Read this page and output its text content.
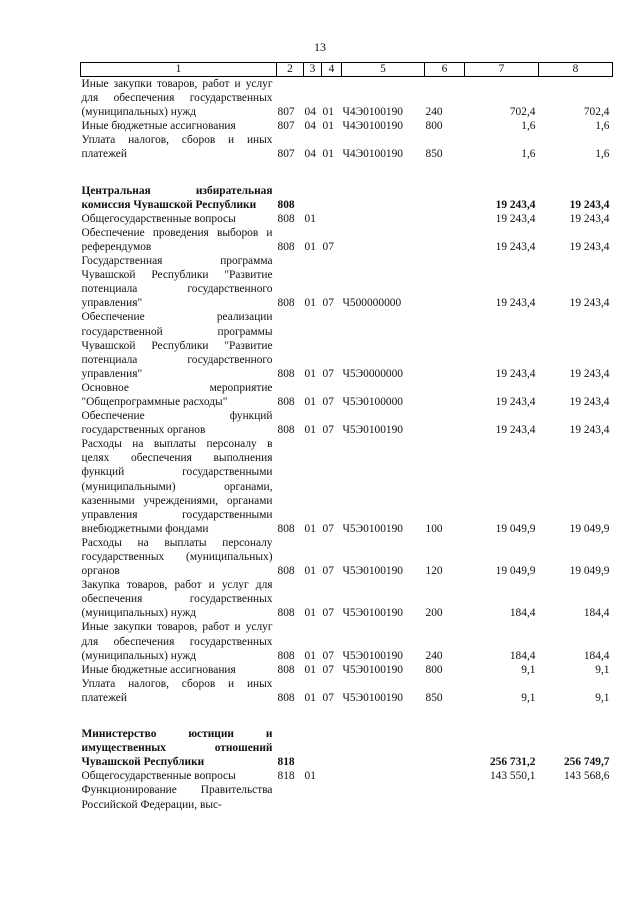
13
1	2	3	4	5	6	7	8
Иные закупки товаров, работ и услуг для обеспечения государственных (муниципальных) нужд	807	04	01	Ч4Э0100190	240	702,4	702,4
Иные бюджетные ассигнования	807	04	01	Ч4Э0100190	800	1,6	1,6
Уплата налогов, сборов и иных платежей	807	04	01	Ч4Э0100190	850	1,6	1,6

Центральная избирательная комиссия Чувашской Республики	808					19 243,4	19 243,4
Общегосударственные вопросы	808	01				19 243,4	19 243,4
Обеспечение проведения выборов и референдумов	808	01	07			19 243,4	19 243,4
Государственная программа Чувашской Республики "Развитие потенциала государственного управления"	808	01	07	Ч500000000		19 243,4	19 243,4
Обеспечение реализации государственной программы Чувашской Республики "Развитие потенциала государственного управления"	808	01	07	Ч5Э0000000		19 243,4	19 243,4
Основное мероприятие "Общепрограммные расходы"	808	01	07	Ч5Э0100000		19 243,4	19 243,4
Обеспечение функций государственных органов	808	01	07	Ч5Э0100190		19 243,4	19 243,4
Расходы на выплаты персоналу в целях обеспечения выполнения функций государственными (муниципальными) органами, казенными учреждениями, органами управления государственными внебюджетными фондами	808	01	07	Ч5Э0100190	100	19 049,9	19 049,9
Расходы на выплаты персоналу государственных (муниципальных) органов	808	01	07	Ч5Э0100190	120	19 049,9	19 049,9
Закупка товаров, работ и услуг для обеспечения государственных (муниципальных) нужд	808	01	07	Ч5Э0100190	200	184,4	184,4
Иные закупки товаров, работ и услуг для обеспечения государственных (муниципальных) нужд	808	01	07	Ч5Э0100190	240	184,4	184,4
Иные бюджетные ассигнования	808	01	07	Ч5Э0100190	800	9,1	9,1
Уплата налогов, сборов и иных платежей	808	01	07	Ч5Э0100190	850	9,1	9,1

Министерство юстиции и имущественных отношений Чувашской Республики	818					256 731,2	256 749,7
Общегосударственные вопросы	818	01				143 550,1	143 568,6
Функционирование Правительства Российской Федерации, выс-							
